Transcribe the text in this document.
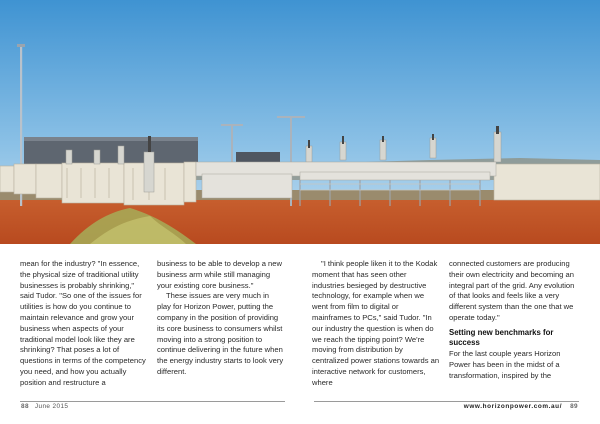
mean for the industry? "In essence, the physical size of traditional utility businesses is probably shrinking," said Tudor. "So one of the issues for utilities is how do you continue to maintain relevance and grow your business when aspects of your traditional model look like they are shrinking? That poses a lot of questions in terms of the competency you need, and how you actually position and restructure a

business to be able to develop a new business arm while still managing your existing core business."

These issues are very much in play for Horizon Power, putting the company in the position of providing its core business to consumers whilst moving into a strong position to continue delivering in the future when the energy industry starts to look very different.

"I think people liken it to the Kodak moment that has seen other industries besieged by destructive technology, for example when we went from film to digital or mainframes to PCs," said Tudor. "In our industry the question is when do we reach the tipping point? We're moving from distribution by centralized power stations towards an interactive network for customers, where

connected customers are producing their own electricity and becoming an integral part of the grid. Any evolution of that looks and feels like a very different system than the one that we operate today."

Setting new benchmarks for success

For the last couple years Horizon Power has been in the midst of a transformation, inspired by the

88 June 2015	www.horizonpower.com.au/ 89
